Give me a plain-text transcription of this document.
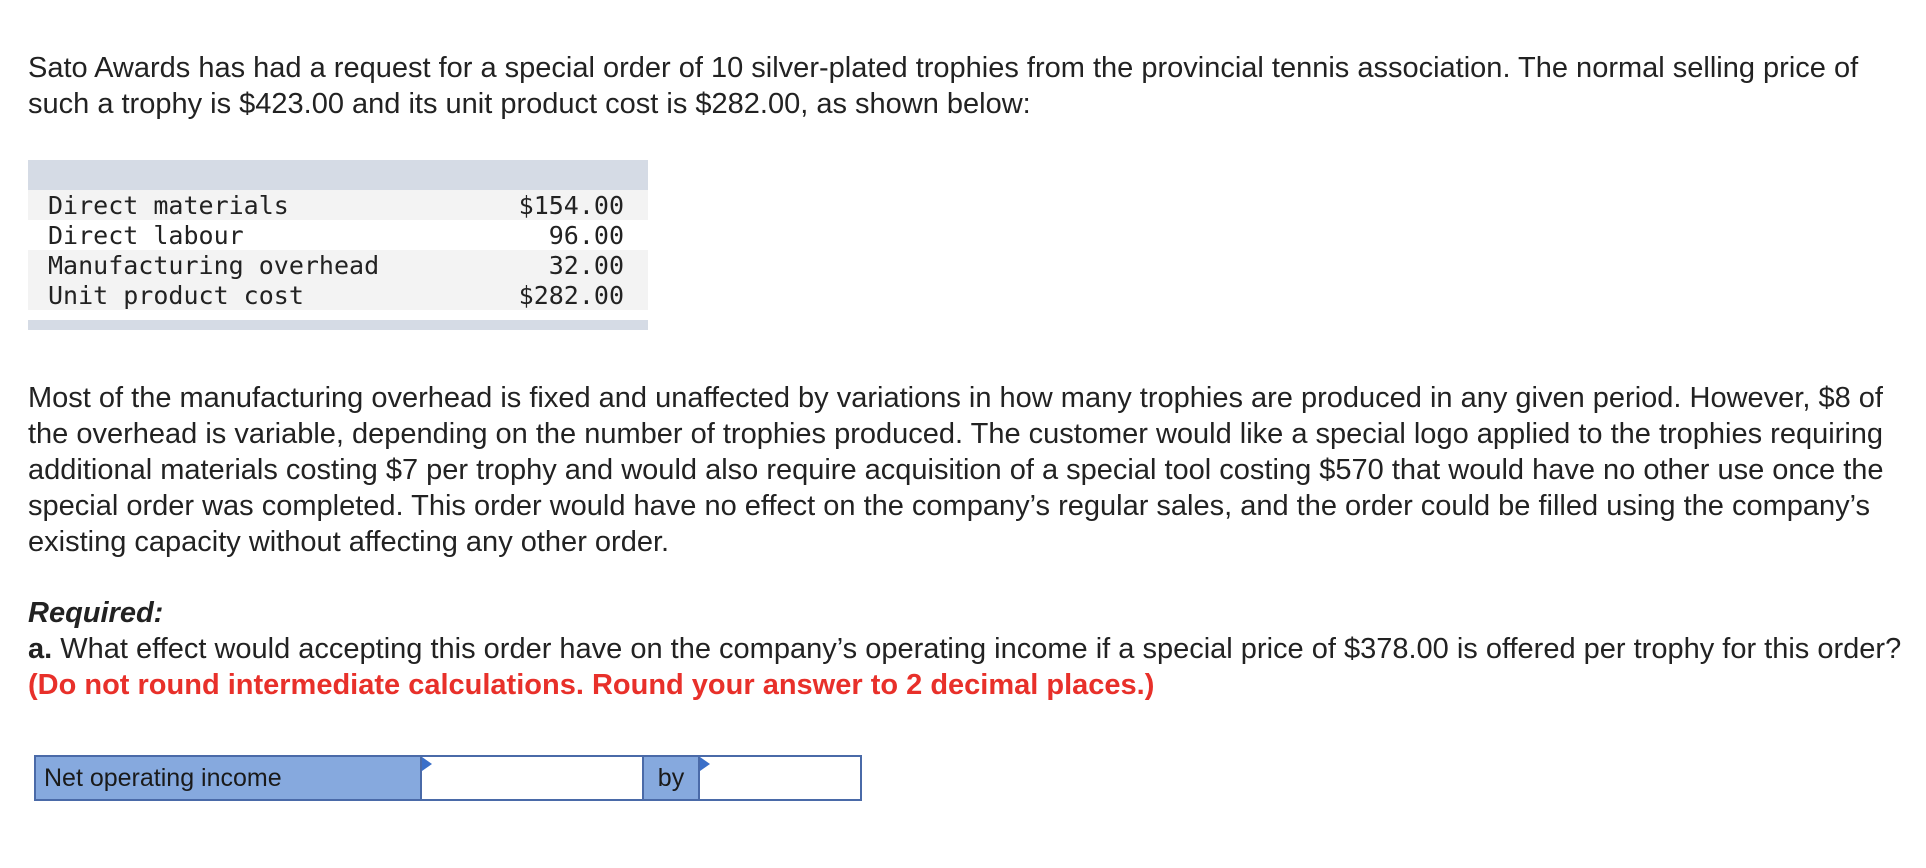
Sato Awards has had a request for a special order of 10 silver-plated trophies from the provincial tennis association. The normal selling price of such a trophy is $423.00 and its unit product cost is $282.00, as shown below:

Direct materials	$154.00
Direct labour	96.00
Manufacturing overhead	32.00
Unit product cost	$282.00

Most of the manufacturing overhead is fixed and unaffected by variations in how many trophies are produced in any given period. However, $8 of the overhead is variable, depending on the number of trophies produced. The customer would like a special logo applied to the trophies requiring additional materials costing $7 per trophy and would also require acquisition of a special tool costing $570 that would have no other use once the special order was completed. This order would have no effect on the company’s regular sales, and the order could be filled using the company’s existing capacity without affecting any other order.

Required:
a. What effect would accepting this order have on the company’s operating income if a special price of $378.00 is offered per trophy for this order? (Do not round intermediate calculations. Round your answer to 2 decimal places.)
Net operating income	by
